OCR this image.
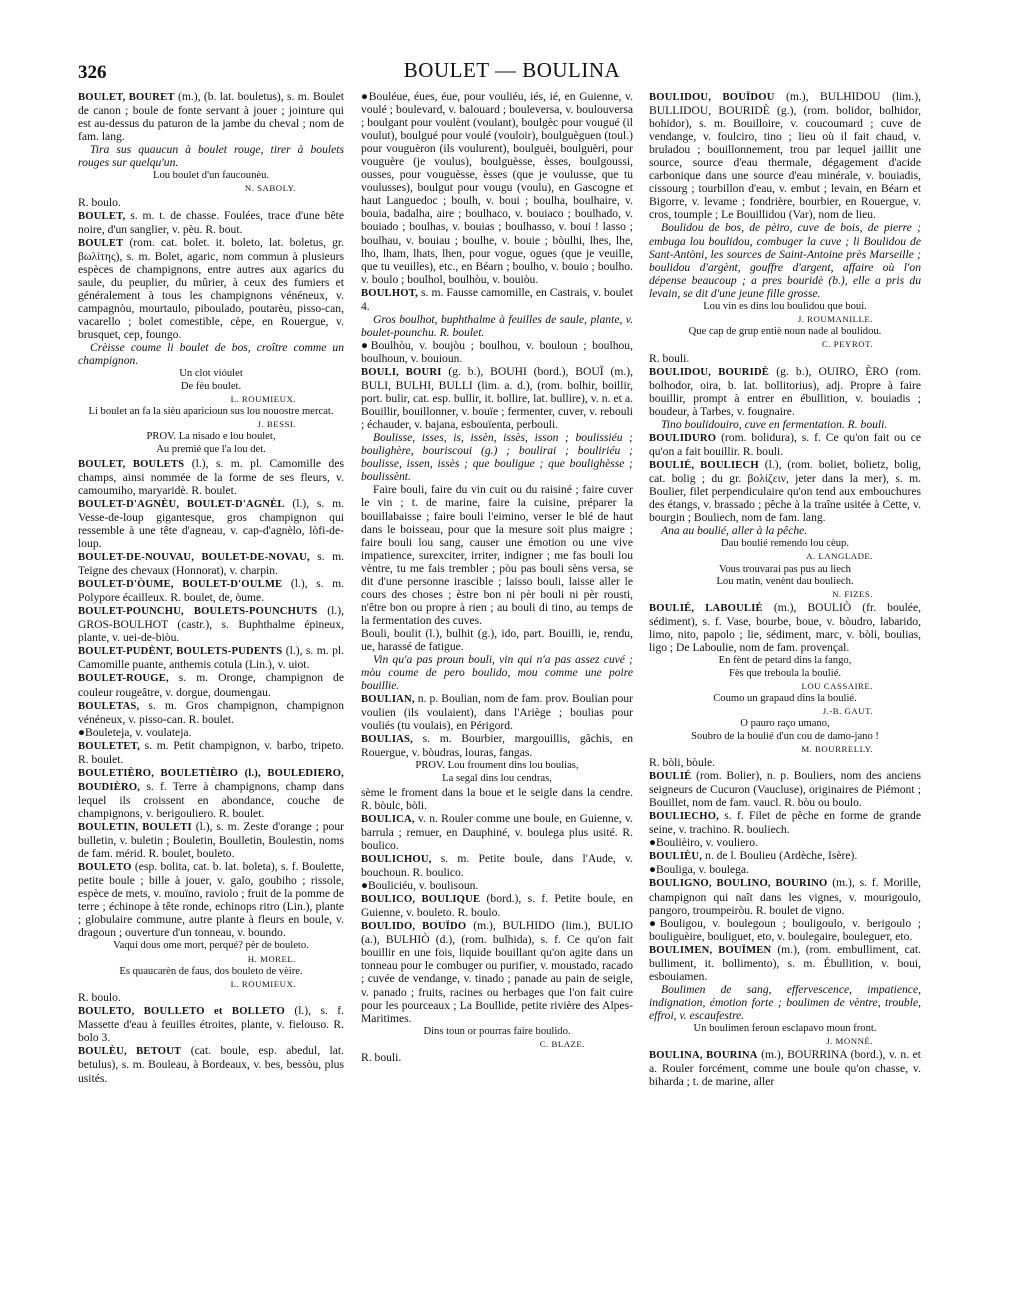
326	BOULET — BOULINA

BOULET, BOURET (m.), (b. lat. bouletus), s. m. Boulet de canon ; boule de fonte servant à jouer ; jointure qui est au-dessus du paturon de la jambe du cheval ; nom de fam. lang.

Tira sus quaucun à boulet rouge, tirer à boulets rouges sur quelqu'un.

Lou boulet d'un faucounèu.
N. SABOLY.

R. boulo.

BOULET, s. m. t. de chasse. Foulées, trace d'une bête noire, d'un sanglier, v. pèu. R. bout.

BOULET (rom. cat. bolet. it. boleto, lat. boletus, gr. βωλίτης), s. m. Bolet, agaric, nom commun à plusieurs espèces de champignons, entre autres aux agarics du saule, du peuplier, du mûrier, à ceux des fumiers et généralement à tous les champignons vénéneux, v. campagnòu, mourtaulo, piboulado, poutarèu, pisso-can, vacarello ; bolet comestible, cèpe, en Rouergue, v. brusquet, cep, foungo.

Crèisse coume li boulet de bos, croître comme un champignon.

Un clot vióulet
De fèu boulet.
L. ROUMIEUX.
Li boulet an fa la sièu aparicioun sus lou nouostre mercat.
J. BESSI.
PROV. La nisado e lou boulet,
Au premié que l'a lou det.

BOULET, BOULETS (l.), s. m. pl. Camomille des champs, ainsi nommée de la forme de ses fleurs, v. camoumiho, maryaridè. R. boulet.

BOULET-D'AGNÈU, BOULET-D'AGNÈL (l.), s. m. Vesse-de-loup gigantesque, gros champignon qui ressemble à une tête d'agneau, v. cap-d'agnèlo, lòfi-de-loup.

BOULET-DE-NOUVAU, BOULET-DE-NOVAU, s. m. Teigne des chevaux (Honnorat), v. charpin.

BOULET-D'ÒUME, BOULET-D'OULME (l.), s. m. Polypore écailleux. R. boulet, de, òume.

BOULET-POUNCHU, BOULETS-POUNCHUTS (l.), GROS-BOULHOT (castr.), s. Buphthalme épineux, plante, v. uei-de-biòu.

BOULET-PUDÈNT, BOULETS-PUDENTS (l.), s. m. pl. Camomille puante, anthemis cotula (Lin.), v. uiot.

BOULET-ROUGE, s. m. Oronge, champignon de couleur rougeâtre, v. dorgue, doumengau.

BOULETAS, s. m. Gros champignon, champignon vénéneux, v. pisso-can. R. boulet.

●Bouleteja, v. voulateja.

BOULETET, s. m. Petit champignon, v. barbo, tripeto. R. boulet.

BOULETIÈRO, BOULETIÈIRO (l.), BOULEDIERO, BOUDIÈRO, s. f. Terre à champignons, champ dans lequel ils croissent en abondance, couche de champignons, v. berigouliero. R. boulet.

BOULETIN, BOULETI (l.), s. m. Zeste d'orange ; pour bulletin, v. buletin ; Bouletin, Boulletin, Boulestin, noms de fam. mérid. R. boulet, bouleto.

BOULETO (esp. bolita, cat. b. lat. boleta), s. f. Boulette, petite boule ; bille à jouer, v. galo, goubiho ; rissole, espèce de mets, v. mouïno, raviolo ; fruit de la pomme de terre ; échinope à tête ronde, echinops ritro (Lin.), plante ; globulaire commune, autre plante à fleurs en boule, v. dragoun ; ouverture d'un tonneau, v. boundo.

Vaqui dous ome mort, perqué? pèr de bouleto.
H. MOREL.
Es quaucarèn de faus, dos bouleto de vèire.
L. ROUMIEUX.

R. boulo.

BOULETO, BOULLETO et BOLLETO (l.), s. f. Massette d'eau à feuilles étroites, plante, v. fielouso. R. bolo 3.

BOULÈU, BETOUT (cat. boule, esp. abedul, lat. betulus), s. m. Bouleau, à Bordeaux, v. bes, bessòu, plus usités.

●Bouléue, éues, éue, pour vouliéu, iés, ié, en Guienne, v. voulé ; boulevard, v. balouard ; bouleversa, v. boulouversa ; boulgant pour voulènt (voulant), boulgèc pour vougué (il voulut), boulgué pour voulé (vouloir), boulguèguen (toul.) pour vouguèron (ils voulurent), boulguèi, boulguèri, pour vouguère (je voulus), boulguèsse, èsses, boulgoussi, ousses, pour vouguèsse, èsses (que je voulusse, que tu voulusses), boulgut pour vougu (voulu), en Gascogne et haut Languedoc ; boulh, v. boui ; boulha, boulhaire, v. bouia, badalha, aire ; boulhaco, v. bouiaco ; boulhado, v. bouiado ; boulhas, v. bouias ; boulhasso, v. boui ! lasso ; boulhau, v. bouiau ; boulhe, v. bouie ; bòulhi, lhes, lhe, lho, lham, lhats, lhen, pour vogue, ogues (que je veuille, que tu veuilles), etc., en Béarn ; boulho, v. bouio ; boulho. v. boulo ; boulhol, boulhòu, v. bouiòu.

BOULHOT, s. m. Fausse camomille, en Castrais, v. boulet 4.

Gros boulhot, buphthalme à feuilles de saule, plante, v. boulet-pounchu. R. boulet.

●Boulhòu, v. boujòu ; boulhou, v. bouloun ; boulhou, boulhoun, v. bouioun.

BOULI, BOURI (g. b.), BOUHI (bord.), BOUÏ (m.), BULI, BULHI, BULLI (lim. a. d.), (rom. bolhir, boillir, port. bulir, cat. esp. bullir, it. bollire, lat. bullire), v. n. et a. Bouillir, bouillonner, v. bouïe ; fermenter, cuver, v. rebouli ; échauder, v. bajana, esbouïenta, perbouli.

Boulisse, isses, is, issèn, issès, isson ; boulissiéu ; boulighère, bouriscoui (g.) ; boulirai ; bouliriéu ; boulisse, issen, issès ; que bouligue ; que boulighèsse ; boulissènt.

Faire bouli, faire du vin cuit ou du raisiné ; faire cuver le vin ; t. de marine, faire la cuisine, préparer la bouillabaisse ; faire bouli l'eimino, verser le blé de haut dans le boisseau, pour que la mesure soit plus maigre ; faire bouli lou sang, causer une émotion ou une vive impatience, surexciter, irriter, indigner ; me fas bouli lou vèntre, tu me fais trembler ; pòu pas bouli sèns versa, se dit d'une personne irascible ; laisso bouli, laisse aller le cours des choses ; èstre bon ni pèr bouli ni pèr rousti, n'être bon ou propre à rien ; au bouli di tino, au temps de la fermentation des cuves.

Bouli, boulit (l.), bulhit (g.), ido, part. Bouilli, ie, rendu, ue, harassé de fatigue.

Vin qu'a pas proun bouli, vin qui n'a pas assez cuvé ; mòu coume de pero boulido, mou comme une poire bouillie.

BOULIAN, n. p. Boulian, nom de fam. prov. Boulian pour voulien (ils voulaient), dans l'Ariège ; boulias pour vouliés (tu voulais), en Périgord.

BOULIAS, s. m. Bourbier, margouillis, gâchis, en Rouergue, v. bòudras, louras, fangas.

PROV. Lou froument dins lou boulias,
La segal dins lou cendras,

sème le froment dans la boue et le seigle dans la cendre. R. bòulc, bòli.

BOULICA, v. n. Rouler comme une boule, en Guienne, v. barrula ; remuer, en Dauphiné, v. boulega plus usité. R. boulico.

BOULICHOU, s. m. Petite boule, dans l'Aude, v. bouchoun. R. boulico.

●Bouliciéu, v. boulisoun.

BOULICO, BOULIQUE (bord.), s. f. Petite boule, en Guienne, v. bouleto. R. boulo.

BOULIDO, BOUÏDO (m.), BULHIDO (lim.), BULIO (a.), BULHIÒ (d.), (rom. bulhida), s. f. Ce qu'on fait bouillir en une fois, liquide bouillant qu'on agite dans un tonneau pour le combuger ou purifier, v. moustado, racado ; cuvée de vendange, v. tinado ; panade au pain de seigle, v. panado ; fruits, racines ou herbages que l'on fait cuire pour les pourceaux ; La Boullide, petite rivière des Alpes-Maritimes.

Dins toun or pourras faire boulido.
C. BLAZE.

R. bouli.

BOULIDOU, BOUÏDOU (m.), BULHIDOU (lim.), BULLIDOU, BOURIDÈ (g.), (rom. bolidor, bolhidor, bohidor), s. m. Bouilloire, v. coucoumard ; cuve de vendange, v. foulciro, tino ; lieu où il fait chaud, v. bruladou ; bouillonnement, trou par lequel jaillit une source, source d'eau thermale, dégagement d'acide carbonique dans une source d'eau minérale, v. bouiadis, cissourg ; tourbillon d'eau, v. embut ; levain, en Béarn et Bigorre, v. levame ; fondrière, bourbier, en Rouergue, v. cros, toumple ; Le Bouillidou (Var), nom de lieu.

Boulidou de bos, de pèiro, cuve de bois, de pierre ; embuga lou boulidou, combuger la cuve ; li Boulidou de Sant-Antòni, les sources de Saint-Antoine près Marseille ; boulidou d'argènt, gouffre d'argent, affaire où l'on dépense beaucoup ; a pres bouridè (b.), elle a pris du levain, se dit d'une jeune fille grosse.

Lou vin es dins lou boulidou que boui.
J. ROUMANILLE.
Que cap de grup entiè noun nade al boulidou.
C. PEYROT.

R. bouli.

BOULIDOU, BOURIDÈ (g. b.), OUIRO, ÈRO (rom. bolhodor, oira, b. lat. bollitorius), adj. Propre à faire bouillir, prompt à entrer en ébullition, v. bouiadis ; boudeur, à Tarbes, v. fougnaire.

Tino boulidouiro, cuve en fermentation. R. bouli.

BOULIDURO (rom. bolidura), s. f. Ce qu'on fait ou ce qu'on a fait bouillir. R. bouli.

BOULIÉ, BOULIECH (l.), (rom. boliet, bolietz, bolig, cat. bolig ; du gr. βολίζειν, jeter dans la mer), s. m. Boulier, filet perpendiculaire qu'on tend aux embouchures des étangs, v. brassado ; pêche à la traîne usitée à Cette, v. bourgin ; Bouliech, nom de fam. lang.

Ana au boulié, aller à la pêche.

Dau boulié remendo lou cèup.
A. LANGLADE.
Vous trouvarai pas pus au liech
Lou matin, venènt dau bouliech.
N. FIZES.

BOULIÉ, LABOULIÉ (m.), BOULIÒ (fr. boulée, sédiment), s. f. Vase, bourbe, boue, v. bòudro, labarido, limo, nito, papolo ; lie, sédiment, marc, v. bòli, boulias, ligo ; De Laboulie, nom de fam. provençal.

En fènt de petard dins la fango,
Fès que treboula la boulié.
LOU CASSAIRE.
Coumo un grapaud dins la boulié.
J.-B. GAUT.
O pauro raço umano,
Soubro de la boulié d'un cou de damo-jano !
M. BOURRELLY.

R. bòli, bòule.

BOULIÉ (rom. Bolier), n. p. Bouliers, nom des anciens seigneurs de Cucuron (Vaucluse), originaires de Piémont ; Bouillet, nom de fam. vaucl. R. bòu ou boulo.

BOULIECHO, s. f. Filet de pêche en forme de grande seine, v. trachino. R. bouliech.

●Boulièiro, v. vouliero.

BOULIÈU, n. de l. Boulieu (Ardèche, Isère).

●Bouliga, v. boulega.

BOULIGNO, BOULINO, BOURINO (m.), s. f. Morille, champignon qui naît dans les vignes, v. mourigoulo, pangoro, troumpeiròu. R. boulet de vigno.

●Bouligou, v. boulegoun ; bouligoulo, v. berigoulo ; bouliguèire, bouliguet, eto, v. boulegaire, boulegueт, eto.

BOULIMEN, BOUÏMEN (m.), (rom. embulliment, cat. bulliment, it. bollimento), s. m. Ébullition, v. boui, esbouiamen.

Boulimen de sang, effervescence, impatience, indignation, émotion forte ; boulimen de vèntre, trouble, effroi, v. escaufestre.

Un boulimen feroun esclapavo moun front.
J. MONNÉ.

BOULINA, BOURINA (m.), BOURRINA (bord.), v. n. et a. Rouler forcément, comme une boule qu'on chasse, v. biharda ; t. de marine, aller
